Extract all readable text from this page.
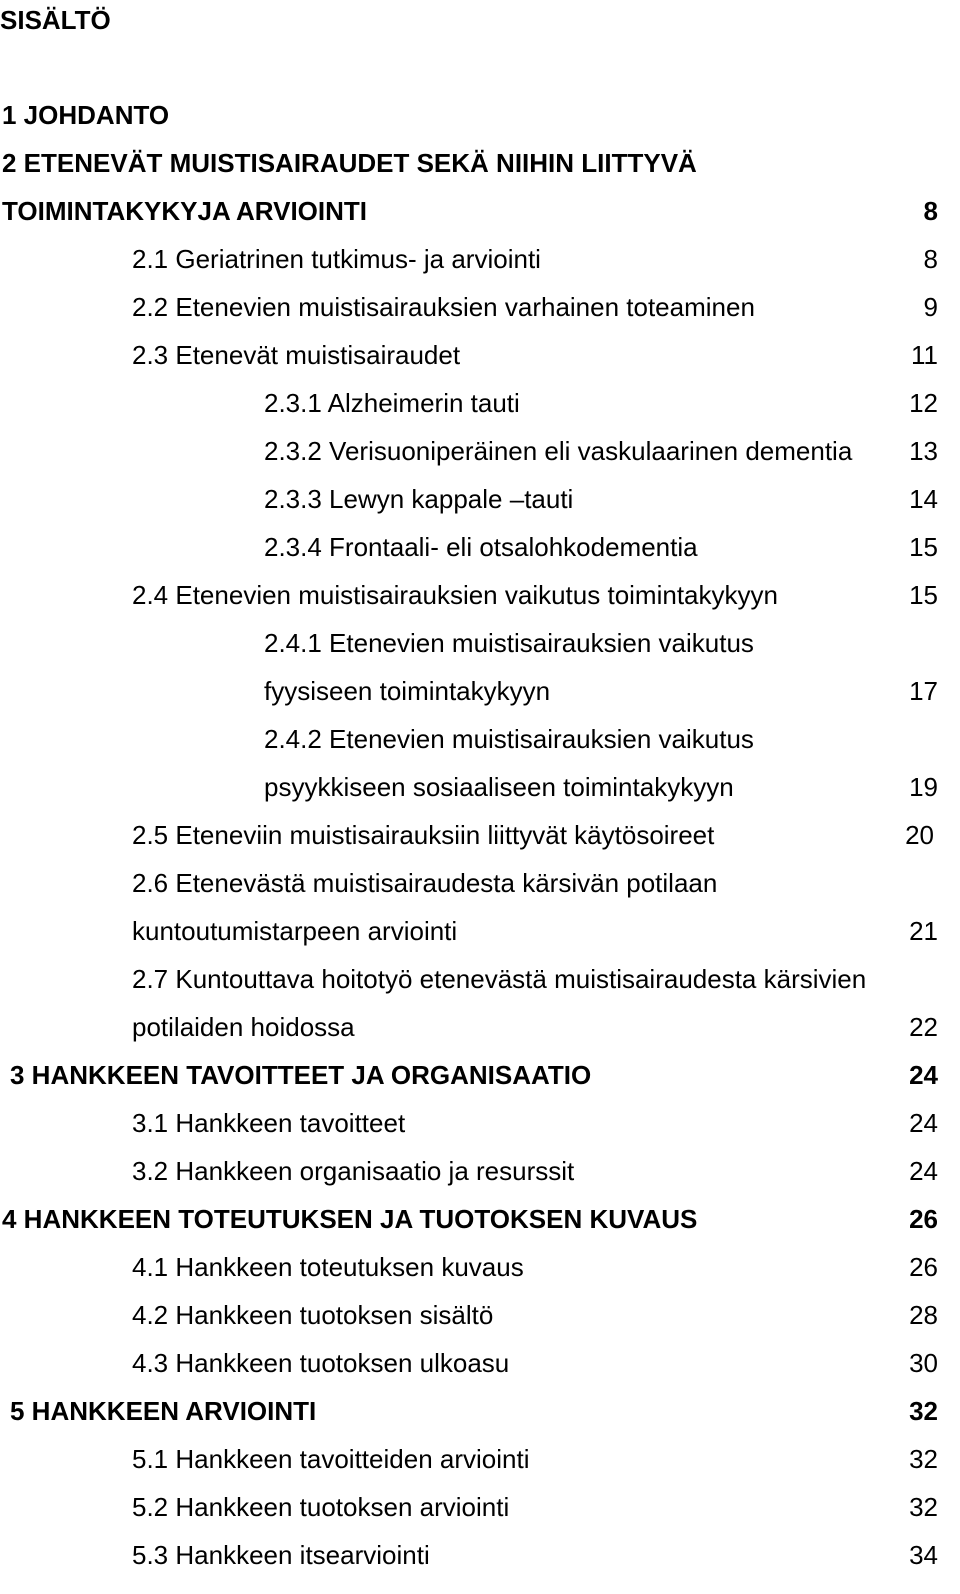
SISÄLTÖ
1 JOHDANTO
2 ETENEVÄT MUISTISAIRAUDET SEKÄ NIIHIN LIITTYVÄ
TOIMINTAKYKYJA ARVIOINTI	8
2.1 Geriatrinen tutkimus- ja arviointi	8
2.2 Etenevien muistisairauksien varhainen toteaminen	9
2.3 Etenevät muistisairaudet	11
2.3.1 Alzheimerin tauti	12
2.3.2 Verisuoniperäinen eli vaskulaarinen dementia 13
2.3.3 Lewyn kappale –tauti	14
2.3.4 Frontaali- eli otsalohkodementia	15
2.4 Etenevien muistisairauksien vaikutus toimintakykyyn	15
2.4.1 Etenevien muistisairauksien vaikutus
fyysiseen toimintakykyyn	17
2.4.2 Etenevien muistisairauksien vaikutus
psyykkiseen sosiaaliseen toimintakykyyn	19
2.5 Eteneviin muistisairauksiin liittyvät käytösoireet	20
2.6 Etenevästä muistisairaudesta kärsivän potilaan
kuntoutumistarpeen arviointi	21
2.7 Kuntouttava hoitotyö etenevästä muistisairaudesta kärsivien
potilaiden hoidossa	22
3 HANKKEEN TAVOITTEET JA ORGANISAATIO	24
3.1 Hankkeen tavoitteet	24
3.2 Hankkeen organisaatio ja resurssit	24
4 HANKKEEN TOTEUTUKSEN JA TUOTOKSEN KUVAUS	26
4.1 Hankkeen toteutuksen kuvaus	26
4.2 Hankkeen tuotoksen sisältö	28
4.3 Hankkeen tuotoksen ulkoasu	30
5 HANKKEEN ARVIOINTI	32
5.1 Hankkeen tavoitteiden arviointi	32
5.2 Hankkeen tuotoksen arviointi	32
5.3 Hankkeen itsearviointi	34
